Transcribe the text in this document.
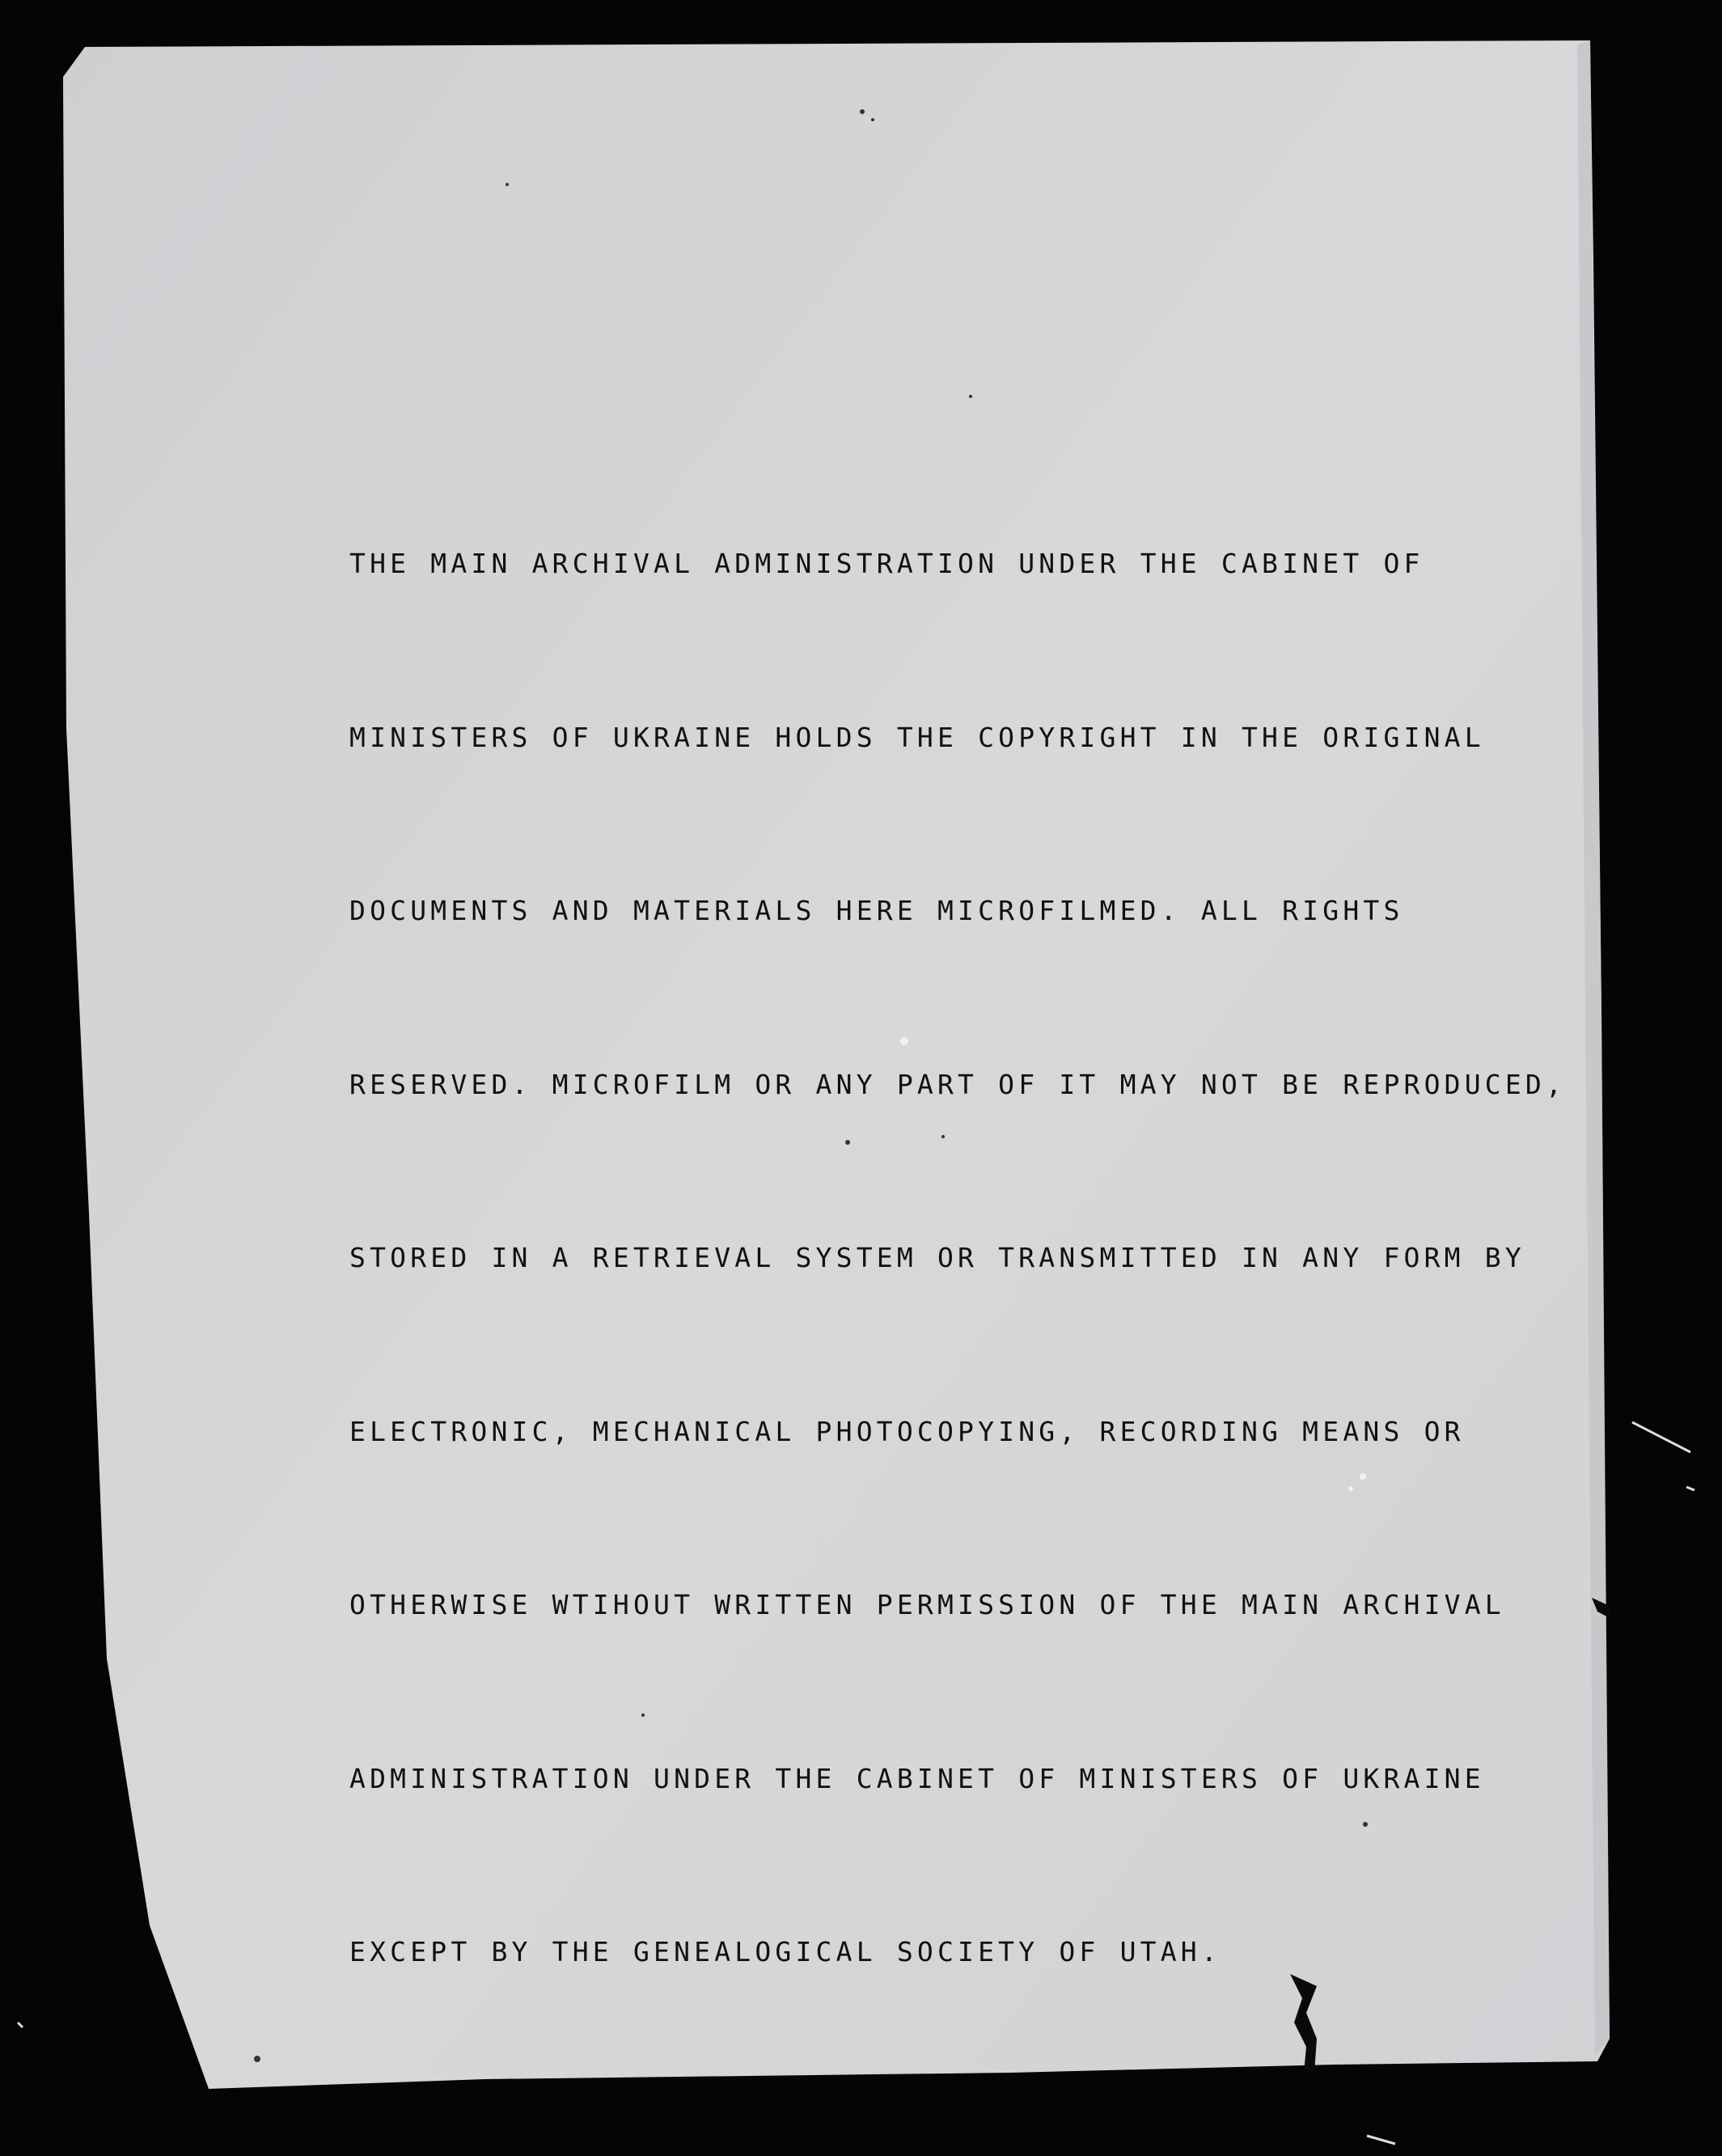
THE MAIN ARCHIVAL ADMINISTRATION UNDER THE CABINET OF

MINISTERS OF UKRAINE HOLDS THE COPYRIGHT IN THE ORIGINAL

DOCUMENTS AND MATERIALS HERE MICROFILMED. ALL RIGHTS

RESERVED. MICROFILM OR ANY PART OF IT MAY NOT BE REPRODUCED,

STORED IN A RETRIEVAL SYSTEM OR TRANSMITTED IN ANY FORM BY

ELECTRONIC, MECHANICAL PHOTOCOPYING, RECORDING MEANS OR

OTHERWISE WTIHOUT WRITTEN PERMISSION OF THE MAIN ARCHIVAL

ADMINISTRATION UNDER THE CABINET OF MINISTERS OF UKRAINE

EXCEPT BY THE GENEALOGICAL SOCIETY OF UTAH.
